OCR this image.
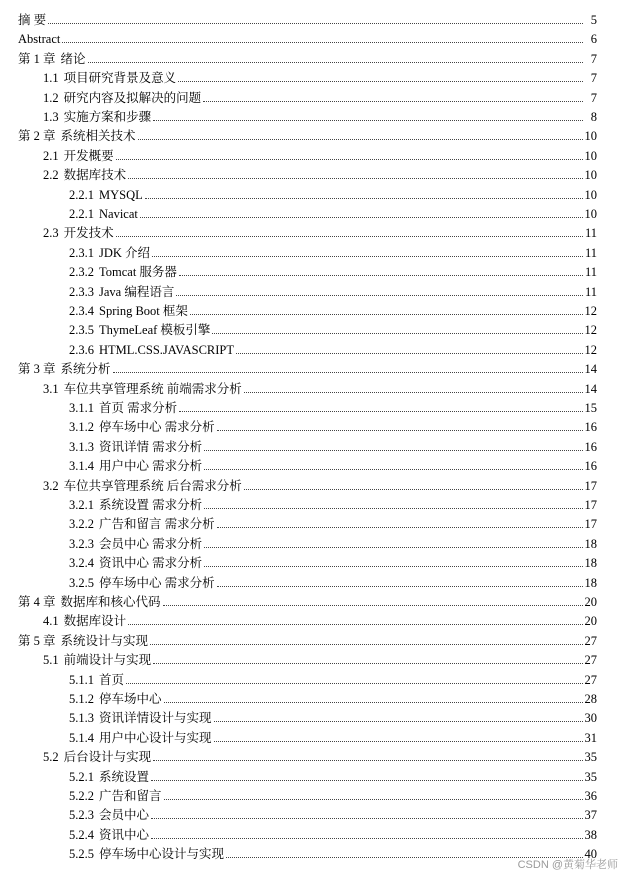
摘 要	5
Abstract	6
第 1 章 绪论	7
1.1 项目研究背景及意义	7
1.2 研究内容及拟解决的问题	7
1.3 实施方案和步骤	8
第 2 章 系统相关技术	10
2.1 开发概要	10
2.2 数据库技术	10
2.2.1 MYSQL	10
2.2.1 Navicat	10
2.3 开发技术	11
2.3.1 JDK 介绍	11
2.3.2 Tomcat 服务器	11
2.3.3 Java 编程语言	11
2.3.4 Spring Boot 框架	12
2.3.5 ThymeLeaf 模板引擎	12
2.3.6 HTML.CSS.JAVASCRIPT	12
第 3 章 系统分析	14
3.1 车位共享管理系统 前端需求分析	14
3.1.1 首页 需求分析	15
3.1.2 停车场中心 需求分析	16
3.1.3 资讯详情 需求分析	16
3.1.4 用户中心 需求分析	16
3.2 车位共享管理系统 后台需求分析	17
3.2.1 系统设置 需求分析	17
3.2.2 广告和留言 需求分析	17
3.2.3 会员中心 需求分析	18
3.2.4 资讯中心 需求分析	18
3.2.5 停车场中心 需求分析	18
第 4 章 数据库和核心代码	20
4.1 数据库设计	20
第 5 章 系统设计与实现	27
5.1 前端设计与实现	27
5.1.1 首页	27
5.1.2 停车场中心	28
5.1.3 资讯详情设计与实现	30
5.1.4 用户中心设计与实现	31
5.2 后台设计与实现	35
5.2.1 系统设置	35
5.2.2 广告和留言	36
5.2.3 会员中心	37
5.2.4 资讯中心	38
5.2.5 停车场中心设计与实现	40
CSDN @黄菊华老师
